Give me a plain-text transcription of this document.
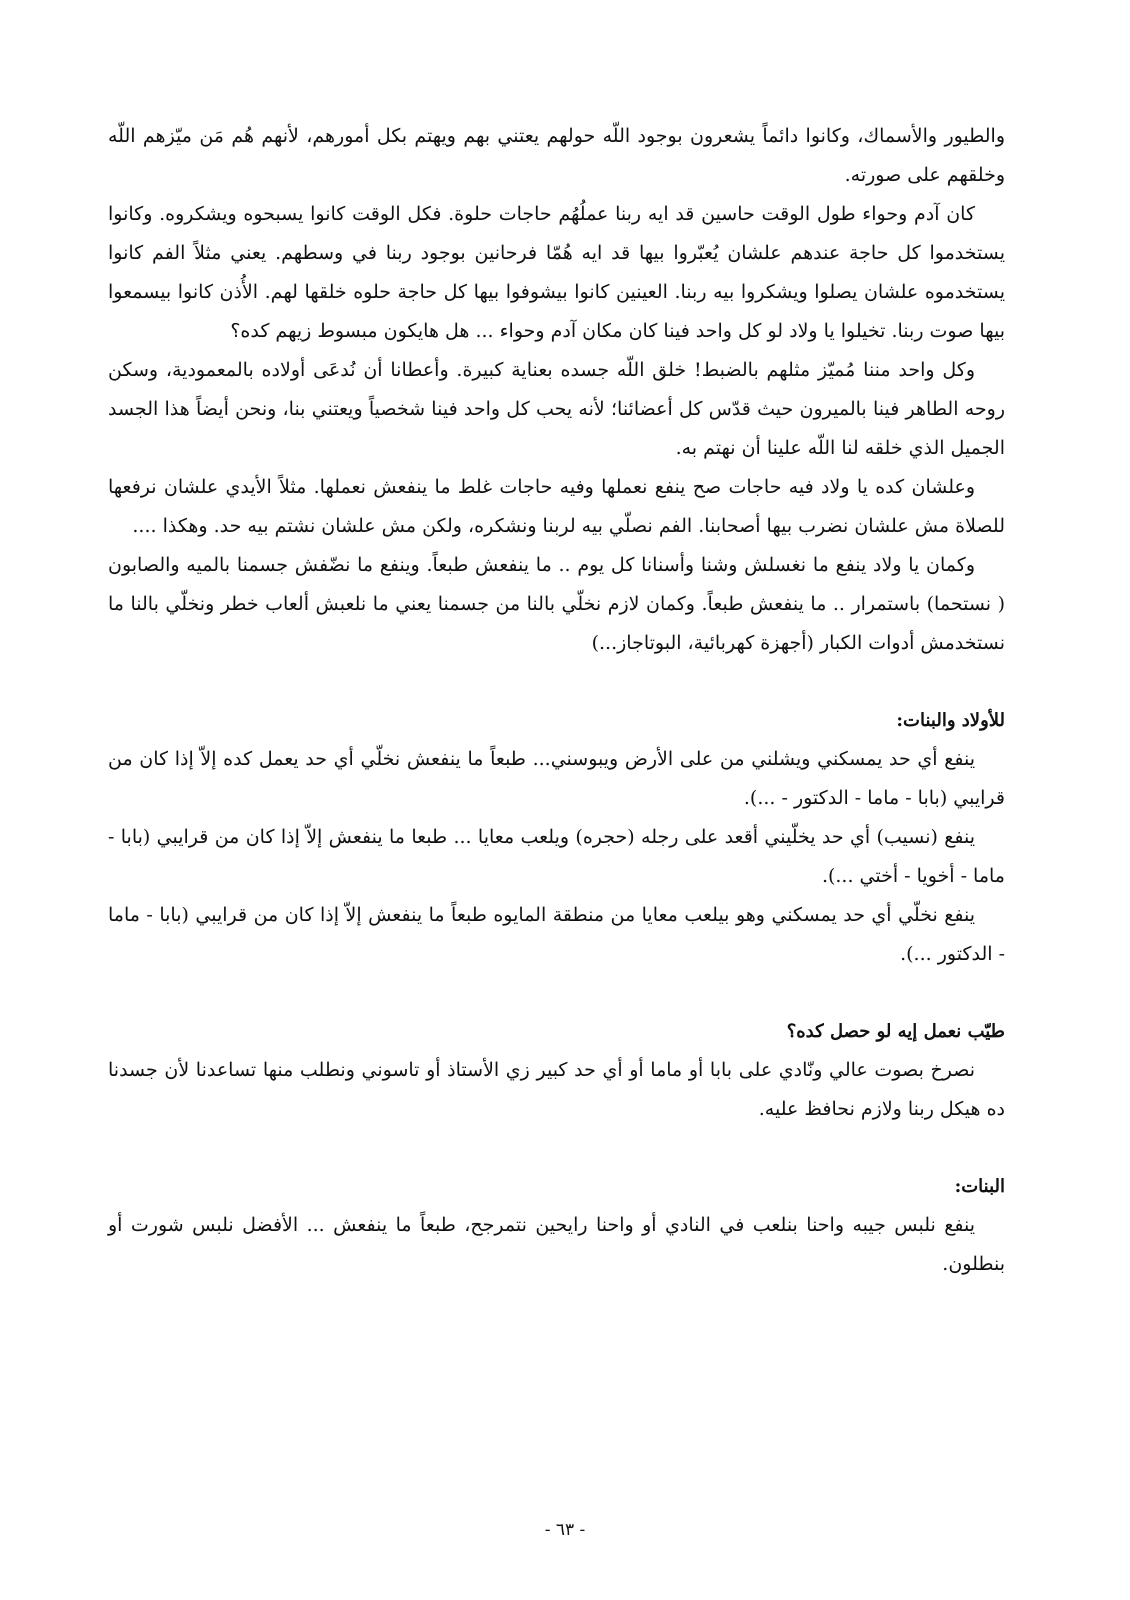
والطيور والأسماك، وكانوا دائماً يشعرون بوجود اللّه حولهم يعتني بهم ويهتم بكل أمورهم، لأنهم هُم مَن ميّزهم اللّه وخلقهم على صورته.

كان آدم وحواء طول الوقت حاسين قد ايه ربنا عملُهُم حاجات حلوة. فكل الوقت كانوا يسبحوه ويشكروه. وكانوا يستخدموا كل حاجة عندهم علشان يُعبّروا بيها قد ايه هُمّا فرحانين بوجود ربنا في وسطهم. يعني مثلاً الفم كانوا يستخدموه علشان يصلوا ويشكروا بيه ربنا. العينين كانوا بيشوفوا بيها كل حاجة حلوه خلقها لهم. الأُذن كانوا بيسمعوا بيها صوت ربنا. تخيلوا يا ولاد لو كل واحد فينا كان مكان آدم وحواء ... هل هايكون مبسوط زيهم كده؟

وكل واحد مننا مُميّز مثلهم بالضبط! خلق اللّه جسده بعناية كبيرة. وأعطانا أن نُدعَى أولاده بالمعمودية، وسكن روحه الطاهر فينا بالميرون حيث قدّس كل أعضائنا؛ لأنه يحب كل واحد فينا شخصياً ويعتني بنا، ونحن أيضاً هذا الجسد الجميل الذي خلقه لنا اللّه علينا أن نهتم به.

وعلشان كده يا ولاد فيه حاجات صح ينفع نعملها وفيه حاجات غلط ما ينفعش نعملها. مثلاً الأيدي علشان نرفعها للصلاة مش علشان نضرب بيها أصحابنا. الفم نصلّي بيه لربنا ونشكره، ولكن مش علشان نشتم بيه حد. وهكذا ....

وكمان يا ولاد ينفع ما نغسلش وشنا وأسنانا كل يوم .. ما ينفعش طبعاً. وينفع ما نضّفش جسمنا بالميه والصابون ( نستحما) باستمرار .. ما ينفعش طبعاً. وكمان لازم نخلّي بالنا من جسمنا يعني ما نلعبش ألعاب خطر ونخلّي بالنا ما نستخدمش أدوات الكبار (أجهزة كهربائية، البوتاجاز...)

للأولاد والبنات:

ينفع أي حد يمسكني ويشلني من على الأرض ويبوسني... طبعاً ما ينفعش نخلّي أي حد يعمل كده إلاّ إذا كان من قرايبي (بابا - ماما - الدكتور - ...).

ينفع (نسيب) أي حد يخلّيني أقعد على رجله (حجره) ويلعب معايا ... طبعا ما ينفعش إلاّ إذا كان من قرايبي (بابا - ماما - أخويا - أختي ...).

ينفع نخلّي أي حد يمسكني وهو بيلعب معايا من منطقة المايوه طبعاً ما ينفعش إلاّ إذا كان من قرايبي (بابا - ماما - الدكتور ...).

طيّب نعمل إيه لو حصل كده؟

نصرخ بصوت عالي ونّادي على بابا أو ماما أو أي حد كبير زي الأستاذ أو تاسوني ونطلب منها تساعدنا لأن جسدنا ده هيكل ربنا ولازم نحافظ عليه.

البنات:

ينفع نلبس جيبه واحنا بنلعب في النادي أو واحنا رايحين نتمرجح، طبعاً ما ينفعش ... الأفضل نلبس شورت أو بنطلون.

- ٦٣ -
